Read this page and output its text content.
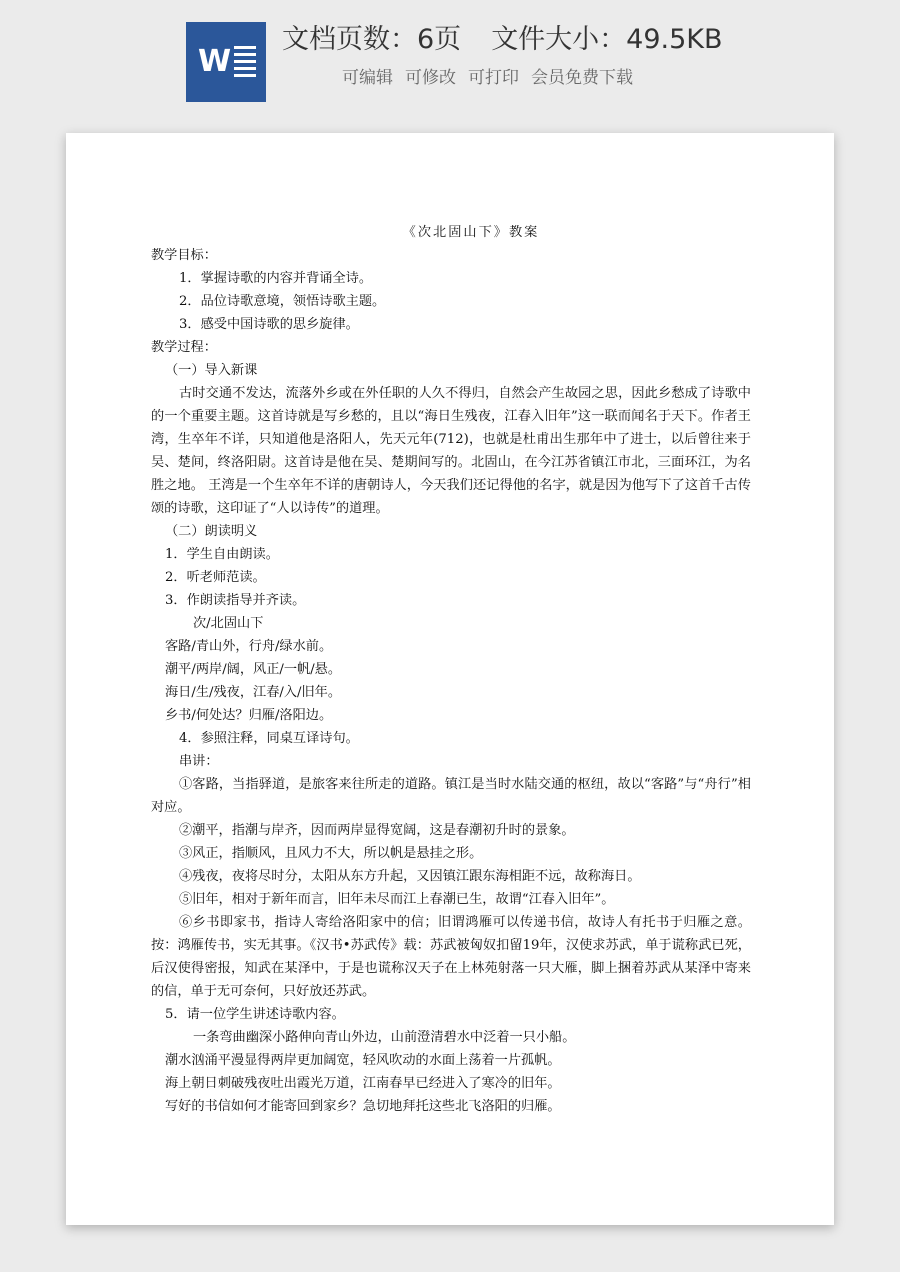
W
文档页数：6页 文件大小：49.5KB
可编辑 可修改 可打印 会员免费下载
《次北固山下》教案
教学目标：
1．掌握诗歌的内容并背诵全诗。
2．品位诗歌意境，领悟诗歌主题。
3．感受中国诗歌的思乡旋律。
教学过程：
（一）导入新课
古时交通不发达，流落外乡或在外任职的人久不得归，自然会产生故园之思，因此乡愁成了诗歌中的一个重要主题。这首诗就是写乡愁的，且以“海日生残夜，江春入旧年”这一联而闻名于天下。作者王湾，生卒年不详，只知道他是洛阳人，先天元年(712)，也就是杜甫出生那年中了进士，以后曾往来于吴、楚间，终洛阳尉。这首诗是他在吴、楚期间写的。北固山，在今江苏省镇江市北，三面环江，为名胜之地。 王湾是一个生卒年不详的唐朝诗人，今天我们还记得他的名字，就是因为他写下了这首千古传颂的诗歌，这印证了“人以诗传”的道理。
（二）朗读明义
1．学生自由朗读。
2．听老师范读。
3．作朗读指导并齐读。
次/北固山下
客路/青山外，行舟/绿水前。
潮平/两岸/阔，风正/一帆/悬。
海日/生/残夜，江春/入/旧年。
乡书/何处达？归雁/洛阳边。
4．参照注释，同桌互译诗句。
串讲：
①客路，当指驿道，是旅客来往所走的道路。镇江是当时水陆交通的枢纽，故以“客路”与“舟行”相对应。
②潮平，指潮与岸齐，因而两岸显得宽阔，这是春潮初升时的景象。
③风正，指顺风，且风力不大，所以帆是悬挂之形。
④残夜，夜将尽时分，太阳从东方升起，又因镇江跟东海相距不远，故称海日。
⑤旧年，相对于新年而言，旧年未尽而江上春潮已生，故谓“江春入旧年”。
⑥乡书即家书，指诗人寄给洛阳家中的信；旧谓鸿雁可以传递书信，故诗人有托书于归雁之意。按：鸿雁传书，实无其事。《汉书•苏武传》载：苏武被匈奴扣留19年，汉使求苏武，单于谎称武已死，后汉使得密报，知武在某泽中，于是也谎称汉天子在上林苑射落一只大雁，脚上捆着苏武从某泽中寄来的信，单于无可奈何，只好放还苏武。
5．请一位学生讲述诗歌内容。
一条弯曲幽深小路伸向青山外边，山前澄清碧水中泛着一只小船。
潮水汹涌平漫显得两岸更加阔宽，轻风吹动的水面上荡着一片孤帆。
海上朝日刺破残夜吐出霞光万道，江南春早已经进入了寒冷的旧年。
写好的书信如何才能寄回到家乡？急切地拜托这些北飞洛阳的归雁。
